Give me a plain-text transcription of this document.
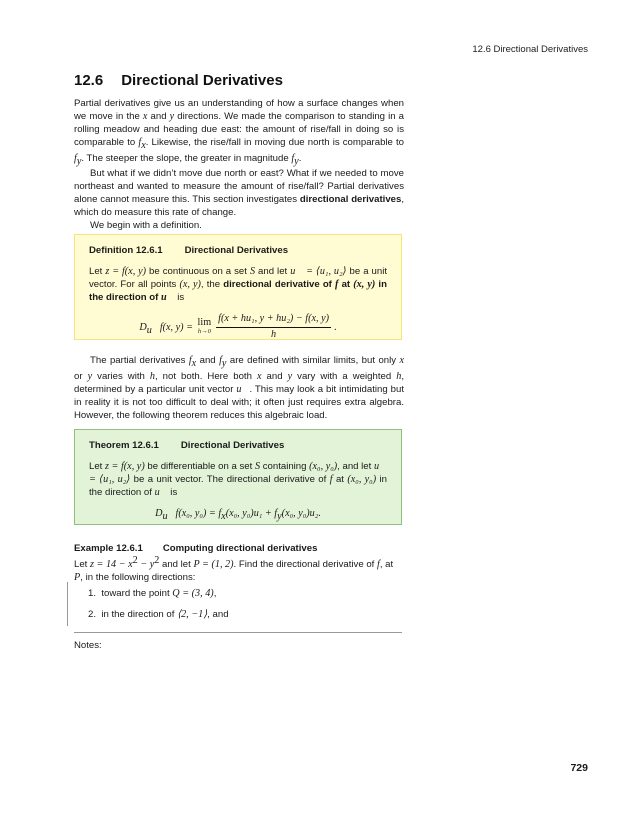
12.6 Directional Derivatives
12.6 Directional Derivatives

Partial derivatives give us an understanding of how a surface changes when we move in the x and y directions. We made the comparison to standing in a rolling meadow and heading due east: the amount of rise/fall in doing so is comparable to $f_x$. Likewise, the rise/fall in moving due north is comparable to $f_y$. The steeper the slope, the greater in magnitude $f_y$.

But what if we didn’t move due north or east? What if we needed to move northeast and wanted to measure the amount of rise/fall? Partial derivatives alone cannot measure this. This section investigates directional derivatives, which do measure this rate of change.

We begin with a definition.

Definition 12.6.1 Directional Derivatives

Let z = f(x, y) be continuous on a set S and let u⃗ = ⟨u₁, u₂⟩ be a unit vector. For all points (x, y), the directional derivative of f at (x, y) in the direction of u⃗ is

$D_{u⃗}f(x$, y) = lim
$h\to 0 \frac{\text{f(x + hu₁, y + hu₂) − f(x, y)}}{h}$ .

The partial derivatives $f_x$ and $f_y$ are defined with similar limits, but only x or y varies with h, not both. Here both x and y vary with a weighted h, determined by a particular unit vector u⃗. This may look a bit intimidating but in reality it is not too difficult to deal with; it often just requires extra algebra. However, the following theorem reduces this algebraic load.

Theorem 12.6.1 Directional Derivatives

Let z = f(x, y) be differentiable on a set S containing (x₀, y₀), and let u⃗ = ⟨u₁, u₂⟩ be a unit vector. The directional derivative of f at (x₀, y₀) in the direction of u⃗ is

$D_{u⃗}f(x_0$, $y_0) = f_x(x_0$, $y_0)u_1 + f_y(x_0$, y₀)u₂.
Example 12.6.1 Computing directional derivatives

Let $z = 14 - x^2 - y^2$ and let P = (1, 2). Find the directional derivative of f, at P, in the following directions:

1. toward the point Q = (3, 4),
2. in the direction of ⟨2, −1⟩, and
Notes:
729
